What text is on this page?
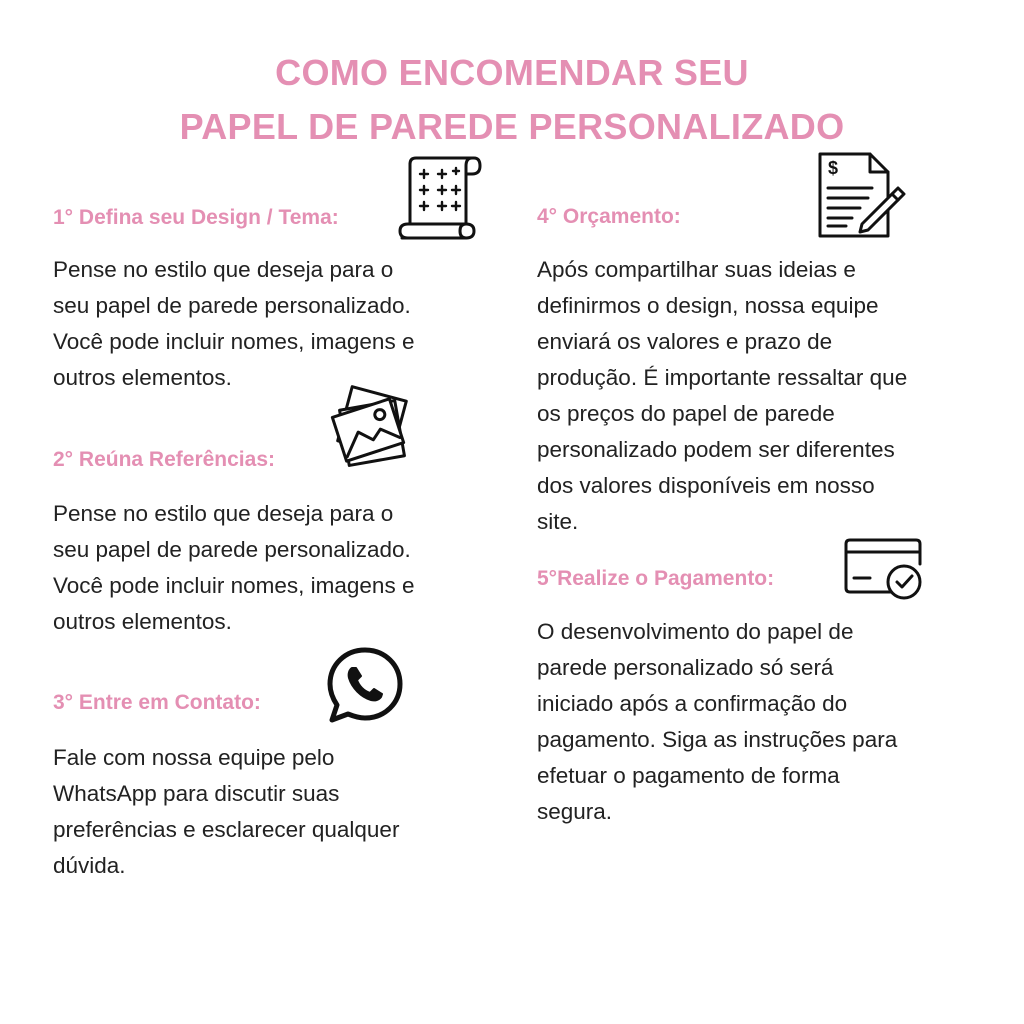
COMO ENCOMENDAR SEU
PAPEL DE PAREDE PERSONALIZADO
1° Defina seu Design / Tema:
Pense no estilo que deseja para o
seu papel de parede personalizado.
Você pode incluir nomes, imagens e
outros elementos.
2° Reúna Referências:
Pense no estilo que deseja para o
seu papel de parede personalizado.
Você pode incluir nomes, imagens e
outros elementos.
3° Entre em Contato:
Fale com nossa equipe pelo
WhatsApp para discutir suas
preferências e esclarecer qualquer
dúvida.
4° Orçamento:
$
Após compartilhar suas ideias e
definirmos o design, nossa equipe
enviará os valores e prazo de
produção. É importante ressaltar que
os preços do papel de parede
personalizado podem ser diferentes
dos valores disponíveis em nosso
site.
5°Realize o Pagamento:
O desenvolvimento do papel de
parede personalizado só será
iniciado após a confirmação do
pagamento. Siga as instruções para
efetuar o pagamento de forma
segura.
